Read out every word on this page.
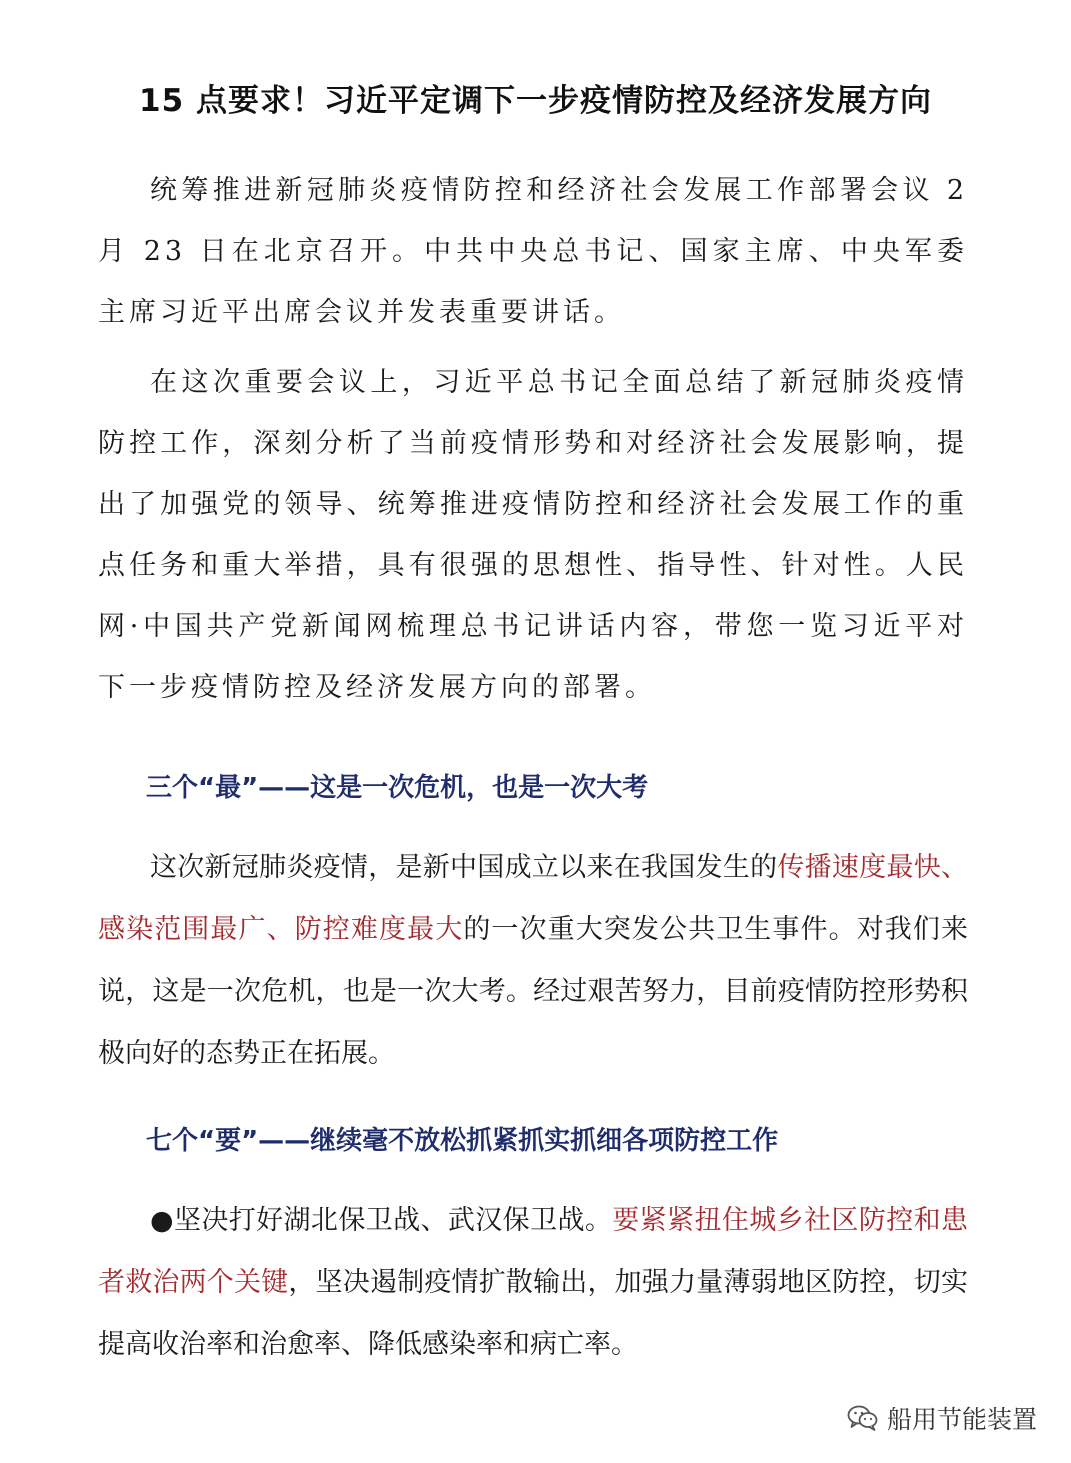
15 点要求！习近平定调下一步疫情防控及经济发展方向

统筹推进新冠肺炎疫情防控和经济社会发展工作部署会议 2 月 23 日在北京召开。中共中央总书记、国家主席、中央军委主席习近平出席会议并发表重要讲话。

在这次重要会议上，习近平总书记全面总结了新冠肺炎疫情防控工作，深刻分析了当前疫情形势和对经济社会发展影响，提出了加强党的领导、统筹推进疫情防控和经济社会发展工作的重点任务和重大举措，具有很强的思想性、指导性、针对性。人民网·中国共产党新闻网梳理总书记讲话内容，带您一览习近平对下一步疫情防控及经济发展方向的部署。

三个“最”——这是一次危机，也是一次大考

这次新冠肺炎疫情，是新中国成立以来在我国发生的传播速度最快、感染范围最广、防控难度最大的一次重大突发公共卫生事件。对我们来说，这是一次危机，也是一次大考。经过艰苦努力，目前疫情防控形势积极向好的态势正在拓展。

七个“要”——继续毫不放松抓紧抓实抓细各项防控工作

●坚决打好湖北保卫战、武汉保卫战。要紧紧扭住城乡社区防控和患者救治两个关键，坚决遏制疫情扩散输出，加强力量薄弱地区防控，切实提高收治率和治愈率、降低感染率和病亡率。

船用节能装置
